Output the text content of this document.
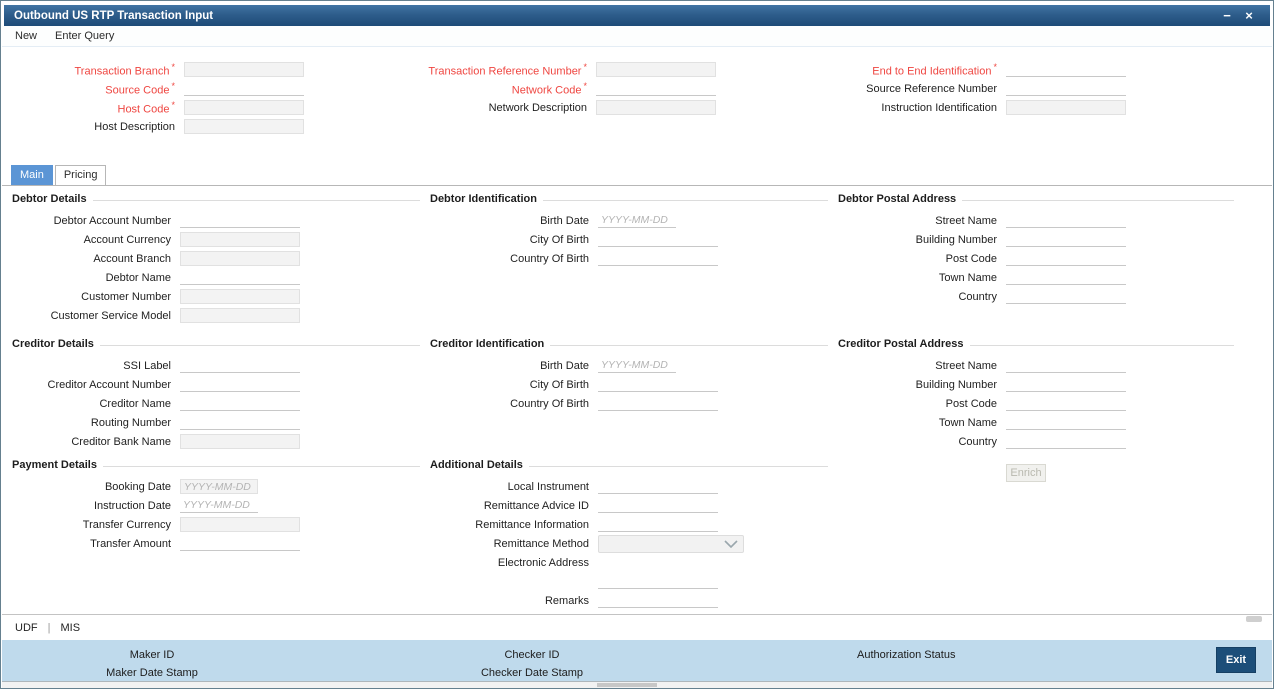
Outbound US RTP Transaction Input	−	×
New Enter Query
Transaction Branch *
Source Code *
Host Code *
Host Description
Transaction Reference Number *
Network Code *
Network Description
End to End Identification *
Source Reference Number
Instruction Identification
Main	Pricing
Debtor Details
Debtor Account Number
Account Currency
Account Branch
Debtor Name
Customer Number
Customer Service Model
Debtor Identification
Birth Date
YYYY-MM-DD
City Of Birth
Country Of Birth
Debtor Postal Address
Street Name
Building Number
Post Code
Town Name
Country
Creditor Details
SSI Label
Creditor Account Number
Creditor Name
Routing Number
Creditor Bank Name
Creditor Identification
Birth Date
YYYY-MM-DD
City Of Birth
Country Of Birth
Creditor Postal Address
Street Name
Building Number
Post Code
Town Name
Country
Payment Details
Booking Date
YYYY-MM-DD
Instruction Date
YYYY-MM-DD
Transfer Currency
Transfer Amount
Additional Details
Local Instrument
Remittance Advice ID
Remittance Information
Remittance Method
Electronic Address
Remarks
Enrich
UDF | MIS
Maker ID
Maker Date Stamp
Checker ID
Checker Date Stamp
Authorization Status	Exit
